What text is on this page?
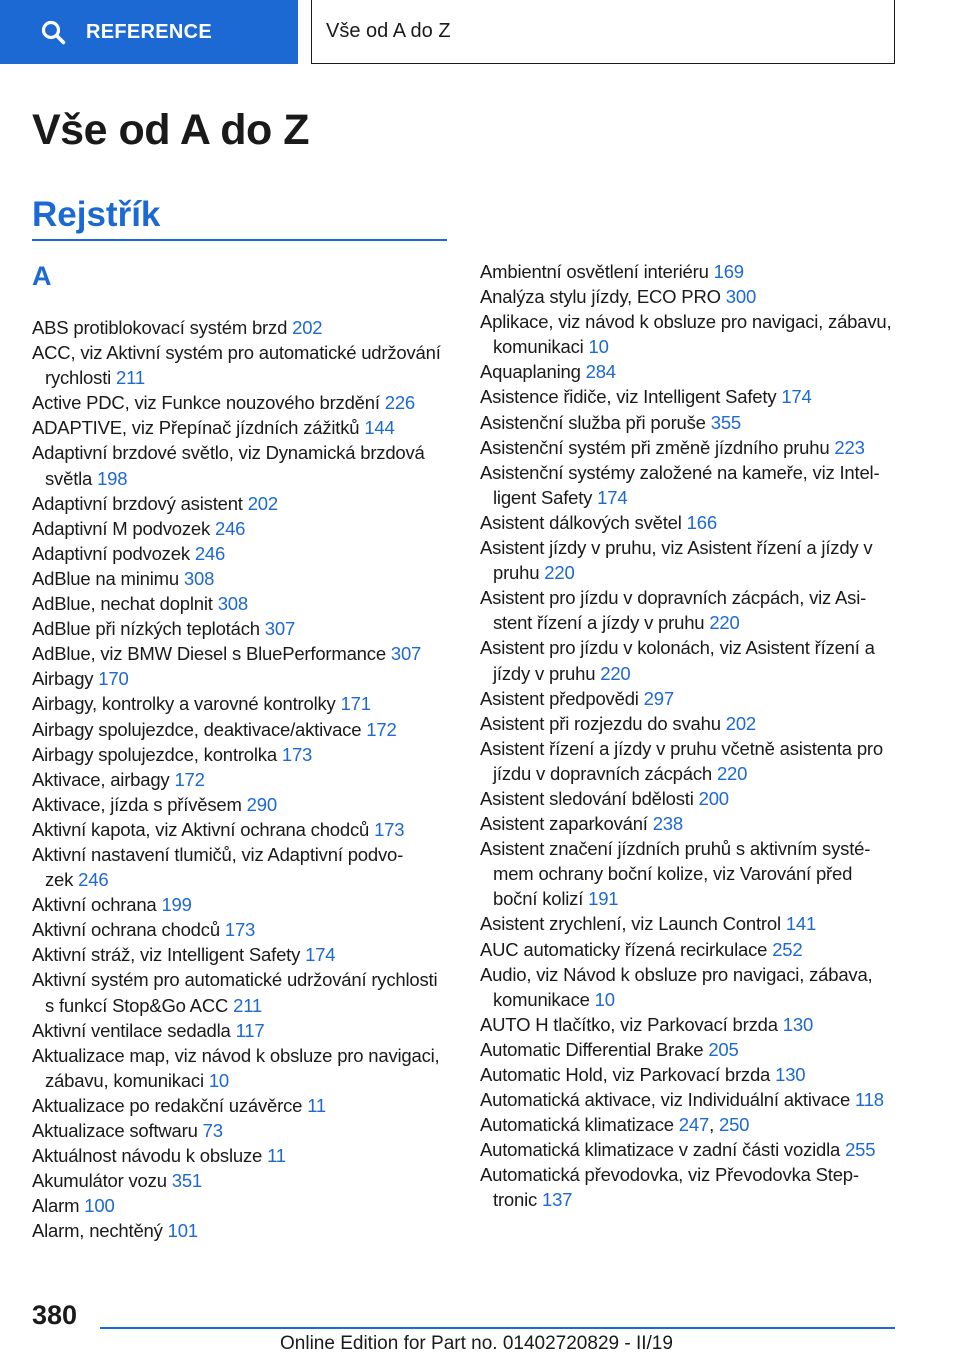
REFERENCE	Vše od A do Z
Vše od A do Z
Rejstřík
A
ABS protiblokovací systém brzd 202
ACC, viz Aktivní systém pro automatické udržování rychlosti 211
Active PDC, viz Funkce nouzového brzdění 226
ADAPTIVE, viz Přepínač jízdních zážitků 144
Adaptivní brzdové světlo, viz Dynamická brzdová světla 198
Adaptivní brzdový asistent 202
Adaptivní M podvozek 246
Adaptivní podvozek 246
AdBlue na minimu 308
AdBlue, nechat doplnit 308
AdBlue při nízkých teplotách 307
AdBlue, viz BMW Diesel s BluePerformance 307
Airbagy 170
Airbagy, kontrolky a varovné kontrolky 171
Airbagy spolujezdce, deaktivace/aktivace 172
Airbagy spolujezdce, kontrolka 173
Aktivace, airbagy 172
Aktivace, jízda s přívěsem 290
Aktivní kapota, viz Aktivní ochrana chodců 173
Aktivní nastavení tlumičů, viz Adaptivní podvozek 246
Aktivní ochrana 199
Aktivní ochrana chodců 173
Aktivní stráž, viz Intelligent Safety 174
Aktivní systém pro automatické udržování rychlosti s funkcí Stop&Go ACC 211
Aktivní ventilace sedadla 117
Aktualizace map, viz návod k obsluze pro navigaci, zábavu, komunikaci 10
Aktualizace po redakční uzávěrce 11
Aktualizace softwaru 73
Aktuálnost návodu k obsluze 11
Akumulátor vozu 351
Alarm 100
Alarm, nechtěný 101
Ambientní osvětlení interiéru 169
Analýza stylu jízdy, ECO PRO 300
Aplikace, viz návod k obsluze pro navigaci, zábavu, komunikaci 10
Aquaplaning 284
Asistence řidiče, viz Intelligent Safety 174
Asistenční služba při poruše 355
Asistenční systém při změně jízdního pruhu 223
Asistenční systémy založené na kameře, viz Intelligent Safety 174
Asistent dálkových světel 166
Asistent jízdy v pruhu, viz Asistent řízení a jízdy v pruhu 220
Asistent pro jízdu v dopravních zácpách, viz Asistent řízení a jízdy v pruhu 220
Asistent pro jízdu v kolonách, viz Asistent řízení a jízdy v pruhu 220
Asistent předpovědi 297
Asistent při rozjezdu do svahu 202
Asistent řízení a jízdy v pruhu včetně asistenta pro jízdu v dopravních zácpách 220
Asistent sledování bdělosti 200
Asistent zaparkování 238
Asistent značení jízdních pruhů s aktivním systémem ochrany boční kolize, viz Varování před boční kolizí 191
Asistent zrychlení, viz Launch Control 141
AUC automaticky řízená recirkulace 252
Audio, viz Návod k obsluze pro navigaci, zábava, komunikace 10
AUTO H tlačítko, viz Parkovací brzda 130
Automatic Differential Brake 205
Automatic Hold, viz Parkovací brzda 130
Automatická aktivace, viz Individuální aktivace 118
Automatická klimatizace 247, 250
Automatická klimatizace v zadní části vozidla 255
Automatická převodovka, viz Převodovka Steptronic 137
380
Online Edition for Part no. 01402720829 - II/19
